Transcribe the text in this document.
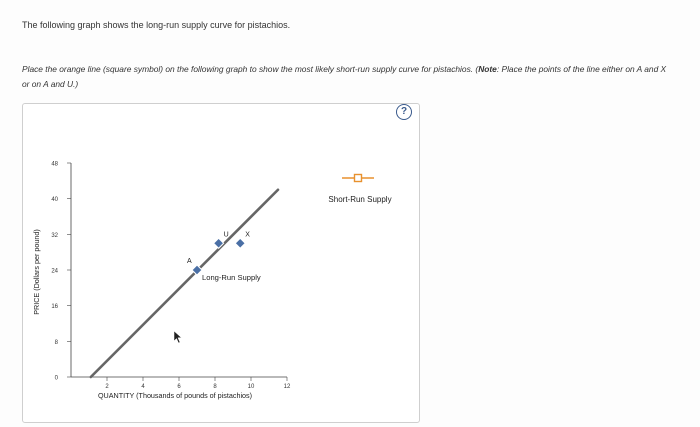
The following graph shows the long-run supply curve for pistachios.
Place the orange line (square symbol) on the following graph to show the most likely short-run supply curve for pistachios. (Note: Place the points of the line either on A and X or on A and U.)
2	4	6	8	10	12
0
8
16
24
32
40
48
QUANTITY (Thousands of pounds of pistachios)
PRICE (Dollars per pound)	Long-Run Supply
A
U X
?
Short-Run Supply
